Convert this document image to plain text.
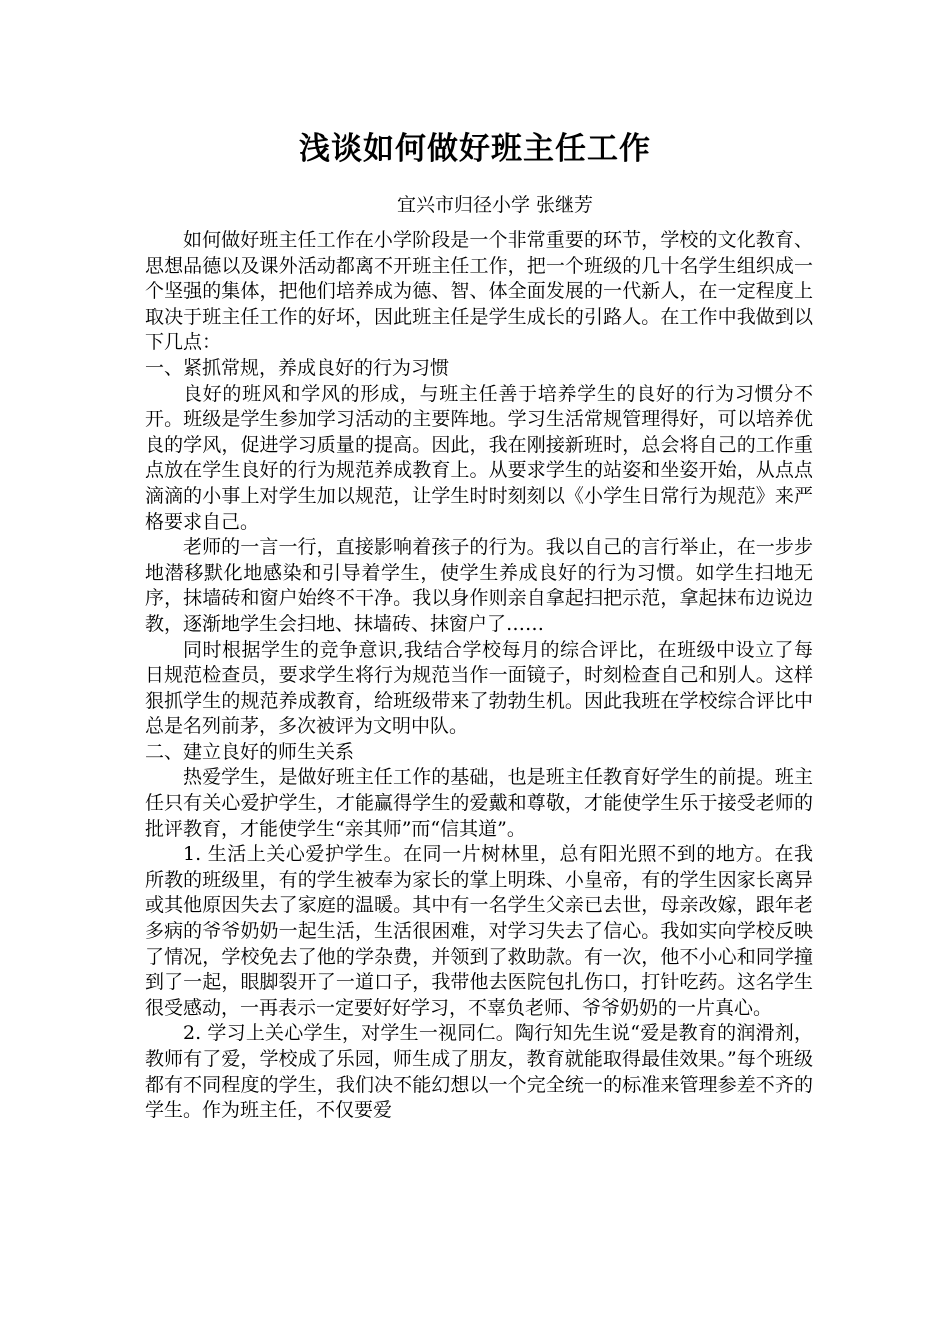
浅谈如何做好班主任工作

宜兴市归径小学 张继芳

如何做好班主任工作在小学阶段是一个非常重要的环节，学校的文化教育、思想品德以及课外活动都离不开班主任工作，把一个班级的几十名学生组织成一个坚强的集体，把他们培养成为德、智、体全面发展的一代新人，在一定程度上取决于班主任工作的好坏，因此班主任是学生成长的引路人。在工作中我做到以下几点：

一、紧抓常规，养成良好的行为习惯

良好的班风和学风的形成，与班主任善于培养学生的良好的行为习惯分不开。班级是学生参加学习活动的主要阵地。学习生活常规管理得好，可以培养优良的学风，促进学习质量的提高。因此，我在刚接新班时，总会将自己的工作重点放在学生良好的行为规范养成教育上。从要求学生的站姿和坐姿开始，从点点滴滴的小事上对学生加以规范，让学生时时刻刻以《小学生日常行为规范》来严格要求自己。

老师的一言一行，直接影响着孩子的行为。我以自己的言行举止，在一步步地潜移默化地感染和引导着学生，使学生养成良好的行为习惯。如学生扫地无序，抹墙砖和窗户始终不干净。我以身作则亲自拿起扫把示范，拿起抹布边说边教，逐渐地学生会扫地、抹墙砖、抹窗户了……

同时根据学生的竞争意识,我结合学校每月的综合评比，在班级中设立了每日规范检查员，要求学生将行为规范当作一面镜子，时刻检查自己和别人。这样狠抓学生的规范养成教育，给班级带来了勃勃生机。因此我班在学校综合评比中总是名列前茅，多次被评为文明中队。

二、建立良好的师生关系

热爱学生，是做好班主任工作的基础，也是班主任教育好学生的前提。班主任只有关心爱护学生，才能赢得学生的爱戴和尊敬，才能使学生乐于接受老师的批评教育，才能使学生“亲其师”而“信其道”。

1. 生活上关心爱护学生。在同一片树林里，总有阳光照不到的地方。在我所教的班级里，有的学生被奉为家长的掌上明珠、小皇帝，有的学生因家长离异或其他原因失去了家庭的温暖。其中有一名学生父亲已去世，母亲改嫁，跟年老多病的爷爷奶奶一起生活，生活很困难，对学习失去了信心。我如实向学校反映了情况，学校免去了他的学杂费，并领到了救助款。有一次，他不小心和同学撞到了一起，眼脚裂开了一道口子，我带他去医院包扎伤口，打针吃药。这名学生很受感动，一再表示一定要好好学习，不辜负老师、爷爷奶奶的一片真心。

2. 学习上关心学生，对学生一视同仁。陶行知先生说“爱是教育的润滑剂，教师有了爱，学校成了乐园，师生成了朋友，教育就能取得最佳效果。”每个班级都有不同程度的学生，我们决不能幻想以一个完全统一的标准来管理参差不齐的学生。作为班主任，不仅要爱
